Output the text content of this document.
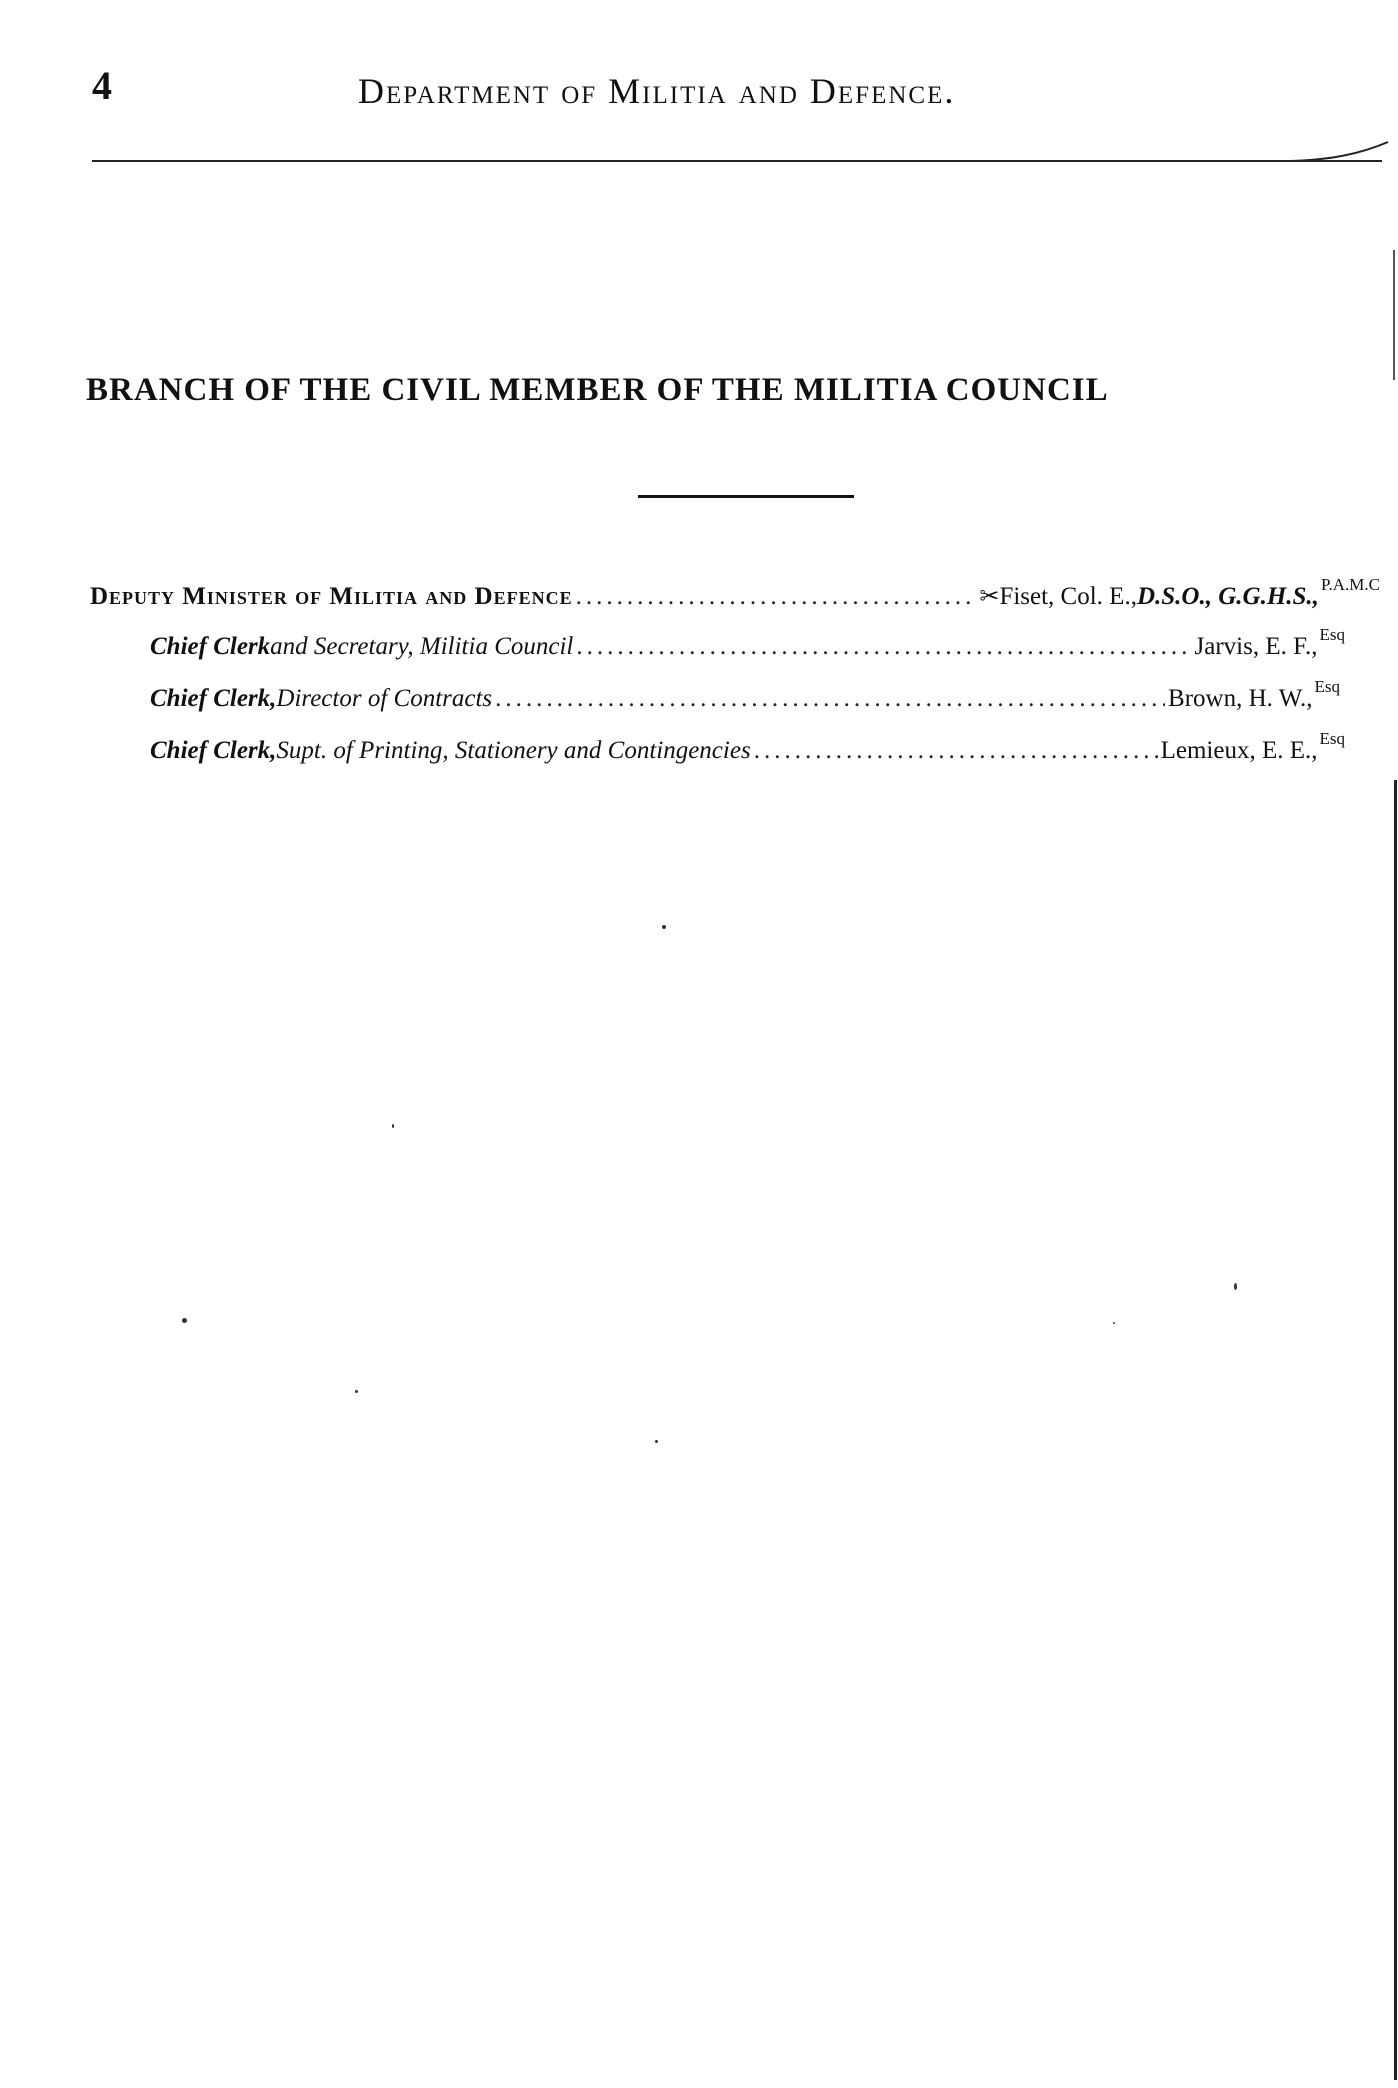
4	Department of Militia and Defence.
BRANCH OF THE CIVIL MEMBER OF THE MILITIA COUNCIL
Deputy Minister of Militia and Defence .....	✂ Fiset, Col. E., D.S.O., G.G.H.S., P.A.M.C
Chief Clerk and Secretary, Militia Council .....	Jarvis, E. F., Esq
Chief Clerk, Director of Contracts .....	Brown, H. W., Esq
Chief Clerk, Supt. of Printing, Stationery and Contingencies .....	Lemieux, E. E., Esq
